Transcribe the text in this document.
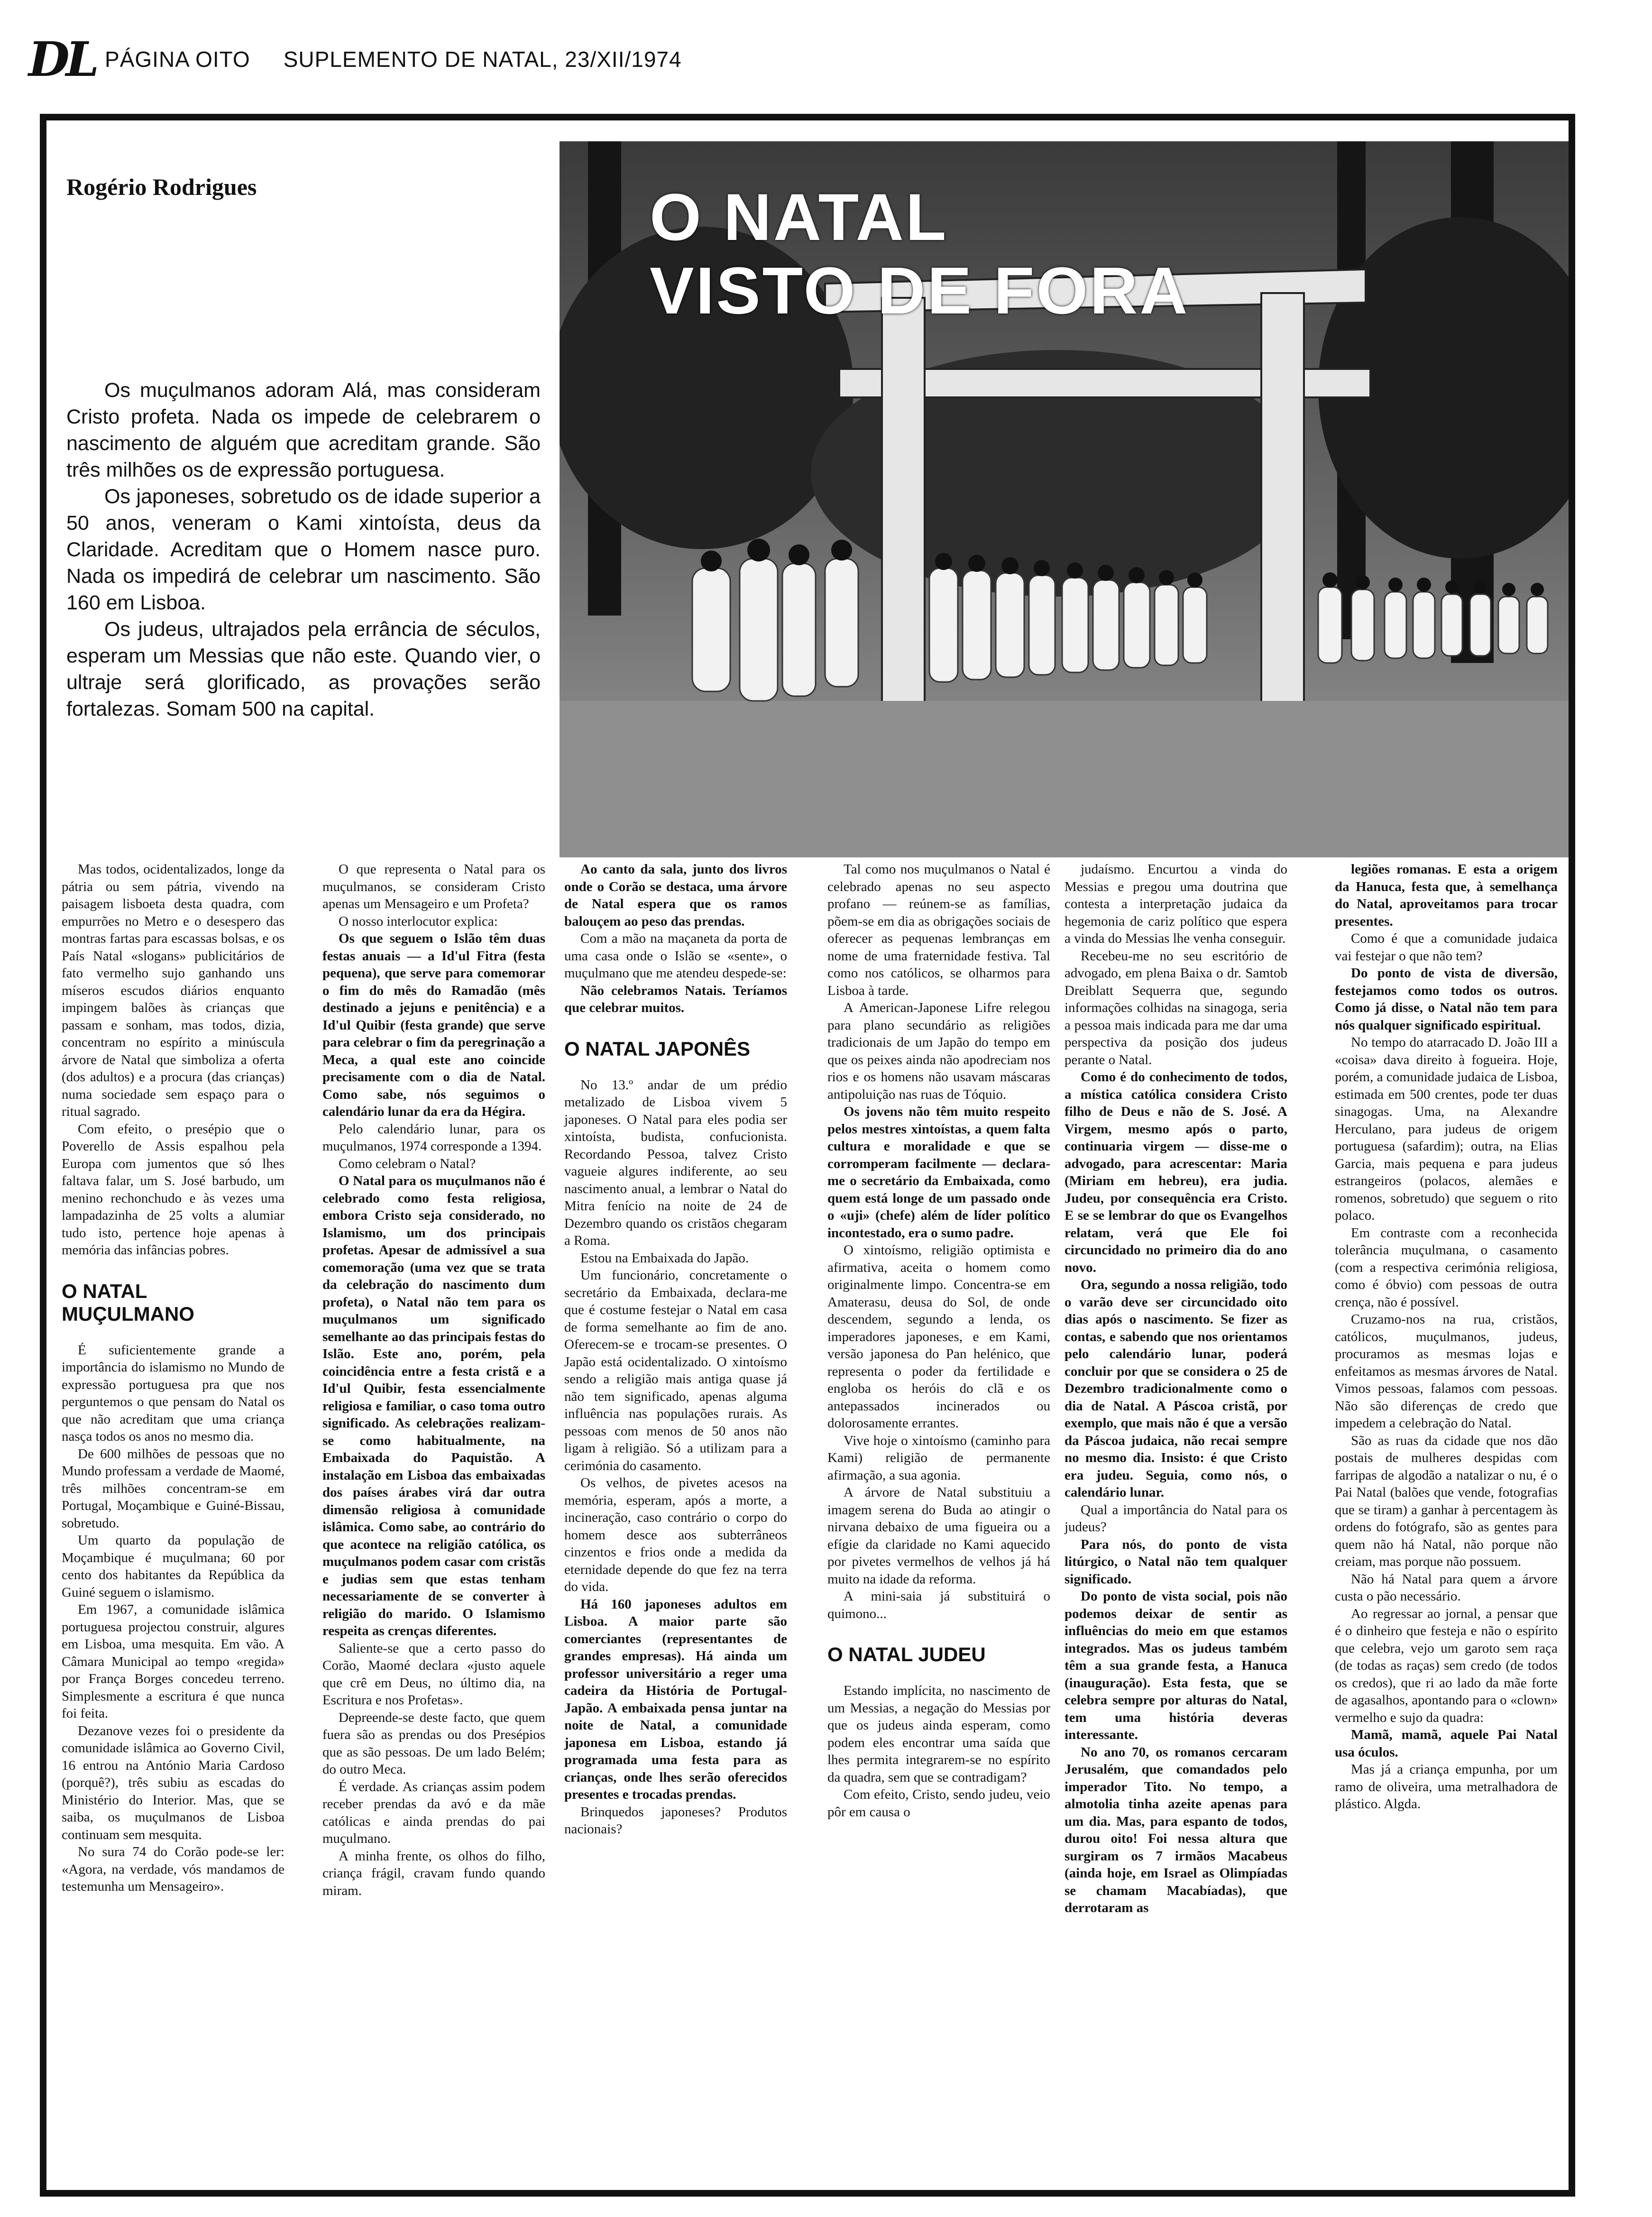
DL PÁGINA OITO SUPLEMENTO DE NATAL, 23/XII/1974
Rogério Rodrigues	O NATAL
VISTO DE FORA

Os muçulmanos adoram Alá, mas consideram Cristo profeta. Nada os impede de celebrarem o nascimento de alguém que acreditam grande. São três milhões os de expressão portuguesa.

Os japoneses, sobretudo os de idade superior a 50 anos, veneram o Kami xintoísta, deus da Claridade. Acreditam que o Homem nasce puro. Nada os impedirá de celebrar um nascimento. São 160 em Lisboa.

Os judeus, ultrajados pela errância de séculos, esperam um Messias que não este. Quando vier, o ultraje será glorificado, as provações serão fortalezas. Somam 500 na capital.

Mas todos, ocidentalizados, longe da pátria ou sem pátria, vivendo na paisagem lisboeta desta quadra, com empurrões no Metro e o desespero das montras fartas para escassas bolsas, e os País Natal «slogans» publicitários de fato vermelho sujo ganhando uns míseros escudos diários enquanto impingem balões às crianças que passam e sonham, mas todos, dizia, concentram no espírito a minúscula árvore de Natal que simboliza a oferta (dos adultos) e a procura (das crianças) numa sociedade sem espaço para o ritual sagrado.

Com efeito, o presépio que o Poverello de Assis espalhou pela Europa com jumentos que só lhes faltava falar, um S. José barbudo, um menino rechonchudo e às vezes uma lampadazinha de 25 volts a alumiar tudo isto, pertence hoje apenas à memória das infâncias pobres.

O NATAL MUÇULMANO

É suficientemente grande a importância do islamismo no Mundo de expressão portuguesa pra que nos perguntemos o que pensam do Natal os que não acreditam que uma criança nasça todos os anos no mesmo dia.

De 600 milhões de pessoas que no Mundo professam a verdade de Maomé, três milhões concentram-se em Portugal, Moçambique e Guiné-Bissau, sobretudo.

Um quarto da população de Moçambique é muçulmana; 60 por cento dos habitantes da República da Guiné seguem o islamismo.

Em 1967, a comunidade islâmica portuguesa projectou construir, algures em Lisboa, uma mesquita. Em vão. A Câmara Municipal ao tempo «regida» por França Borges concedeu terreno. Simplesmente a escritura é que nunca foi feita.

Dezanove vezes foi o presidente da comunidade islâmica ao Governo Civil, 16 entrou na António Maria Cardoso (porquê?), três subiu as escadas do Ministério do Interior. Mas, que se saiba, os muçulmanos de Lisboa continuam sem mesquita.

No sura 74 do Corão pode-se ler: «Agora, na verdade, vós mandamos de testemunha um Mensageiro».

O que representa o Natal para os muçulmanos, se consideram Cristo apenas um Mensageiro e um Profeta?

O nosso interlocutor explica:

Os que seguem o Islão têm duas festas anuais — a Id'ul Fitra (festa pequena), que serve para comemorar o fim do mês do Ramadão (mês destinado a jejuns e penitência) e a Id'ul Quibir (festa grande) que serve para celebrar o fim da peregrinação a Meca, a qual este ano coincide precisamente com o dia de Natal. Como sabe, nós seguimos o calendário lunar da era da Hégira.

Pelo calendário lunar, para os muçulmanos, 1974 corresponde a 1394.

Como celebram o Natal?

O Natal para os muçulmanos não é celebrado como festa religiosa, embora Cristo seja considerado, no Islamismo, um dos principais profetas. Apesar de admissível a sua comemoração (uma vez que se trata da celebração do nascimento dum profeta), o Natal não tem para os muçulmanos um significado semelhante ao das principais festas do Islão. Este ano, porém, pela coincidência entre a festa cristã e a Id'ul Quibir, festa essencialmente religiosa e familiar, o caso toma outro significado. As celebrações realizam-se como habitualmente, na Embaixada do Paquistão. A instalação em Lisboa das embaixadas dos países árabes virá dar outra dimensão religiosa à comunidade islâmica. Como sabe, ao contrário do que acontece na religião católica, os muçulmanos podem casar com cristãs e judias sem que estas tenham necessariamente de se converter à religião do marido. O Islamismo respeita as crenças diferentes.

Saliente-se que a certo passo do Corão, Maomé declara «justo aquele que crê em Deus, no último dia, na Escritura e nos Profetas».

Depreende-se deste facto, que quem fuera são as prendas ou dos Presépios que as são pessoas. De um lado Belém; do outro Meca.

É verdade. As crianças assim podem receber prendas da avó e da mãe católicas e ainda prendas do pai muçulmano.

A minha frente, os olhos do filho, criança frágil, cravam fundo quando miram.

Ao canto da sala, junto dos livros onde o Corão se destaca, uma árvore de Natal espera que os ramos balouçem ao peso das prendas.

Com a mão na maçaneta da porta de uma casa onde o Islão se «sente», o muçulmano que me atendeu despede-se:

Não celebramos Natais. Teríamos que celebrar muitos.

O NATAL JAPONÊS

No 13.º andar de um prédio metalizado de Lisboa vivem 5 japoneses. O Natal para eles podia ser xintoísta, budista, confucionista. Recordando Pessoa, talvez Cristo vagueie algures indiferente, ao seu nascimento anual, a lembrar o Natal do Mitra fenício na noite de 24 de Dezembro quando os cristãos chegaram a Roma.

Estou na Embaixada do Japão.

Um funcionário, concretamente o secretário da Embaixada, declara-me que é costume festejar o Natal em casa de forma semelhante ao fim de ano. Oferecem-se e trocam-se presentes. O Japão está ocidentalizado. O xintoísmo sendo a religião mais antiga quase já não tem significado, apenas alguma influência nas populações rurais. As pessoas com menos de 50 anos não ligam à religião. Só a utilizam para a cerimónia do casamento.

Os velhos, de pivetes acesos na memória, esperam, após a morte, a incineração, caso contrário o corpo do homem desce aos subterrâneos cinzentos e frios onde a medida da eternidade depende do que fez na terra do vida.

Há 160 japoneses adultos em Lisboa. A maior parte são comerciantes (representantes de grandes empresas). Há ainda um professor universitário a reger uma cadeira da História de Portugal-Japão. A embaixada pensa juntar na noite de Natal, a comunidade japonesa em Lisboa, estando já programada uma festa para as crianças, onde lhes serão oferecidos presentes e trocadas prendas.

Brinquedos japoneses? Produtos nacionais?

Tal como nos muçulmanos o Natal é celebrado apenas no seu aspecto profano — reúnem-se as famílias, põem-se em dia as obrigações sociais de oferecer as pequenas lembranças em nome de uma fraternidade festiva. Tal como nos católicos, se olharmos para Lisboa à tarde.

A American-Japonese Lifre relegou para plano secundário as religiões tradicionais de um Japão do tempo em que os peixes ainda não apodreciam nos rios e os homens não usavam máscaras antipoluição nas ruas de Tóquio.

Os jovens não têm muito respeito pelos mestres xintoístas, a quem falta cultura e moralidade e que se corromperam facilmente — declara-me o secretário da Embaixada, como quem está longe de um passado onde o «uji» (chefe) além de líder político incontestado, era o sumo padre.

O xintoísmo, religião optimista e afirmativa, aceita o homem como originalmente limpo. Concentra-se em Amaterasu, deusa do Sol, de onde descendem, segundo a lenda, os imperadores japoneses, e em Kami, versão japonesa do Pan helénico, que representa o poder da fertilidade e engloba os heróis do clã e os antepassados incinerados ou dolorosamente errantes.

Vive hoje o xintoísmo (caminho para Kami) religião de permanente afirmação, a sua agonia.

A árvore de Natal substituiu a imagem serena do Buda ao atingir o nirvana debaixo de uma figueira ou a efígie da claridade no Kami aquecido por pivetes vermelhos de velhos já há muito na idade da reforma.

A mini-saia já substituirá o quimono...

O NATAL JUDEU

Estando implícita, no nascimento de um Messias, a negação do Messias por que os judeus ainda esperam, como podem eles encontrar uma saída que lhes permita integrarem-se no espírito da quadra, sem que se contradigam?

Com efeito, Cristo, sendo judeu, veio pôr em causa o

judaísmo. Encurtou a vinda do Messias e pregou uma doutrina que contesta a interpretação judaica da hegemonia de cariz político que espera a vinda do Messias lhe venha conseguir.

Recebeu-me no seu escritório de advogado, em plena Baixa o dr. Samtob Dreiblatt Sequerra que, segundo informações colhidas na sinagoga, seria a pessoa mais indicada para me dar uma perspectiva da posição dos judeus perante o Natal.

Como é do conhecimento de todos, a mística católica considera Cristo filho de Deus e não de S. José. A Virgem, mesmo após o parto, continuaria virgem — disse-me o advogado, para acrescentar: Maria (Miriam em hebreu), era judia. Judeu, por consequência era Cristo. E se se lembrar do que os Evangelhos relatam, verá que Ele foi circuncidado no primeiro dia do ano novo.

Ora, segundo a nossa religião, todo o varão deve ser circuncidado oito dias após o nascimento. Se fizer as contas, e sabendo que nos orientamos pelo calendário lunar, poderá concluir por que se considera o 25 de Dezembro tradicionalmente como o dia de Natal. A Páscoa cristã, por exemplo, que mais não é que a versão da Páscoa judaica, não recai sempre no mesmo dia. Insisto: é que Cristo era judeu. Seguia, como nós, o calendário lunar.

Qual a importância do Natal para os judeus?

Para nós, do ponto de vista litúrgico, o Natal não tem qualquer significado.

Do ponto de vista social, pois não podemos deixar de sentir as influências do meio em que estamos integrados. Mas os judeus também têm a sua grande festa, a Hanuca (inauguração). Esta festa, que se celebra sempre por alturas do Natal, tem uma história deveras interessante.

No ano 70, os romanos cercaram Jerusalém, que comandados pelo imperador Tito. No tempo, a almotolia tinha azeite apenas para um dia. Mas, para espanto de todos, durou oito! Foi nessa altura que surgiram os 7 irmãos Macabeus (ainda hoje, em Israel as Olimpíadas se chamam Macabíadas), que derrotaram as

legiões romanas. E esta a origem da Hanuca, festa que, à semelhança do Natal, aproveitamos para trocar presentes.

Como é que a comunidade judaica vai festejar o que não tem?

Do ponto de vista de diversão, festejamos como todos os outros. Como já disse, o Natal não tem para nós qualquer significado espiritual.

No tempo do atarracado D. João III a «coisa» dava direito à fogueira. Hoje, porém, a comunidade judaica de Lisboa, estimada em 500 crentes, pode ter duas sinagogas. Uma, na Alexandre Herculano, para judeus de origem portuguesa (safardim); outra, na Elias Garcia, mais pequena e para judeus estrangeiros (polacos, alemães e romenos, sobretudo) que seguem o rito polaco.

Em contraste com a reconhecida tolerância muçulmana, o casamento (com a respectiva cerimónia religiosa, como é óbvio) com pessoas de outra crença, não é possível.

Cruzamo-nos na rua, cristãos, católicos, muçulmanos, judeus, procuramos as mesmas lojas e enfeitamos as mesmas árvores de Natal. Vimos pessoas, falamos com pessoas. Não são diferenças de credo que impedem a celebração do Natal.

São as ruas da cidade que nos dão postais de mulheres despidas com farripas de algodão a natalizar o nu, é o Pai Natal (balões que vende, fotografias que se tiram) a ganhar à percentagem às ordens do fotógrafo, são as gentes para quem não há Natal, não porque não creiam, mas porque não possuem.

Não há Natal para quem a árvore custa o pão necessário.

Ao regressar ao jornal, a pensar que é o dinheiro que festeja e não o espírito que celebra, vejo um garoto sem raça (de todas as raças) sem credo (de todos os credos), que ri ao lado da mãe forte de agasalhos, apontando para o «clown» vermelho e sujo da quadra:

Mamã, mamã, aquele Pai Natal usa óculos.

Mas já a criança empunha, por um ramo de oliveira, uma metralhadora de plástico. Algda.
